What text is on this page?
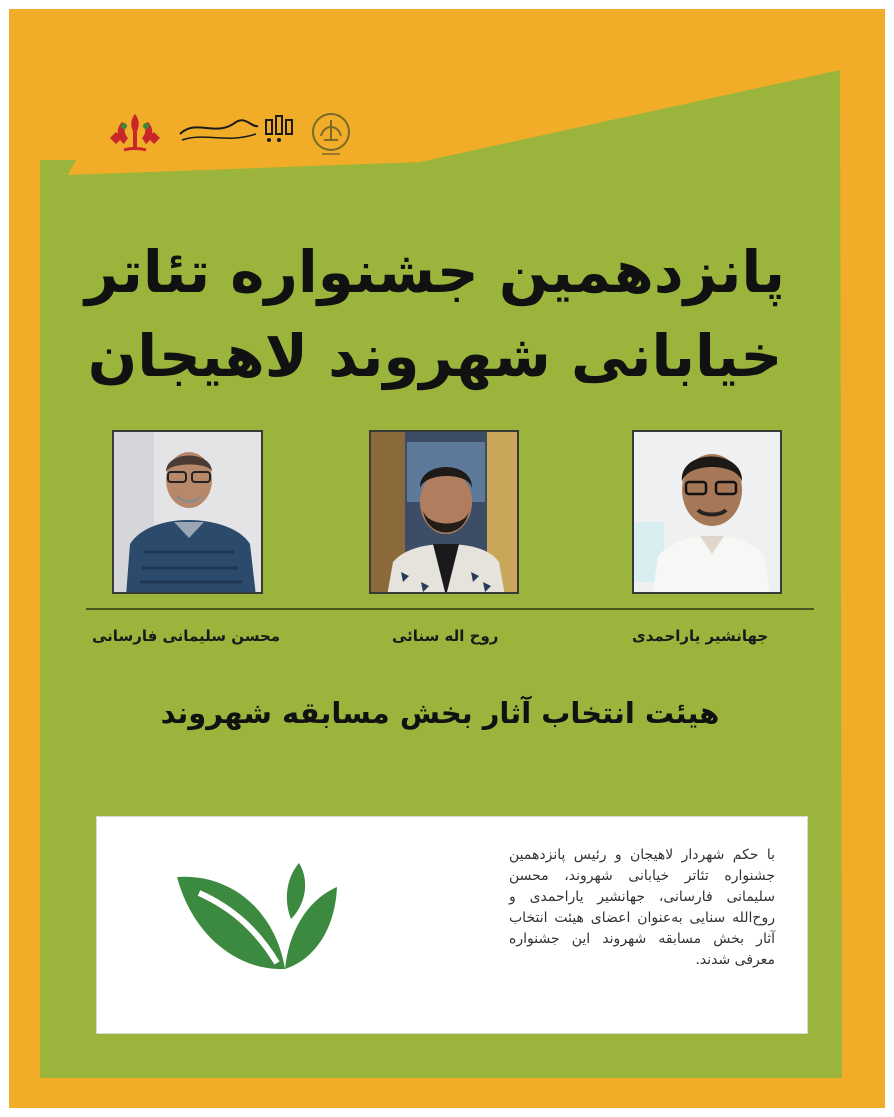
پانزدهمین جشنواره تئاتر
خیابانی شهروند لاهیجان
محسن سلیمانی فارسانی	روح اله سنائی	جهانشیر یاراحمدی
هیئت انتخاب آثار بخش مسابقه شهروند
با حکم شهردار لاهیجان و رئیس پانزدهمین جشنواره تئاتر خیابانی شهروند، محسن سلیمانی فارسانی، جهانشیر یاراحمدی و روح‌الله سنایی به‌عنوان اعضای هیئت انتخاب آثار بخش مسابقه شهروند این جشنواره معرفی شدند.
